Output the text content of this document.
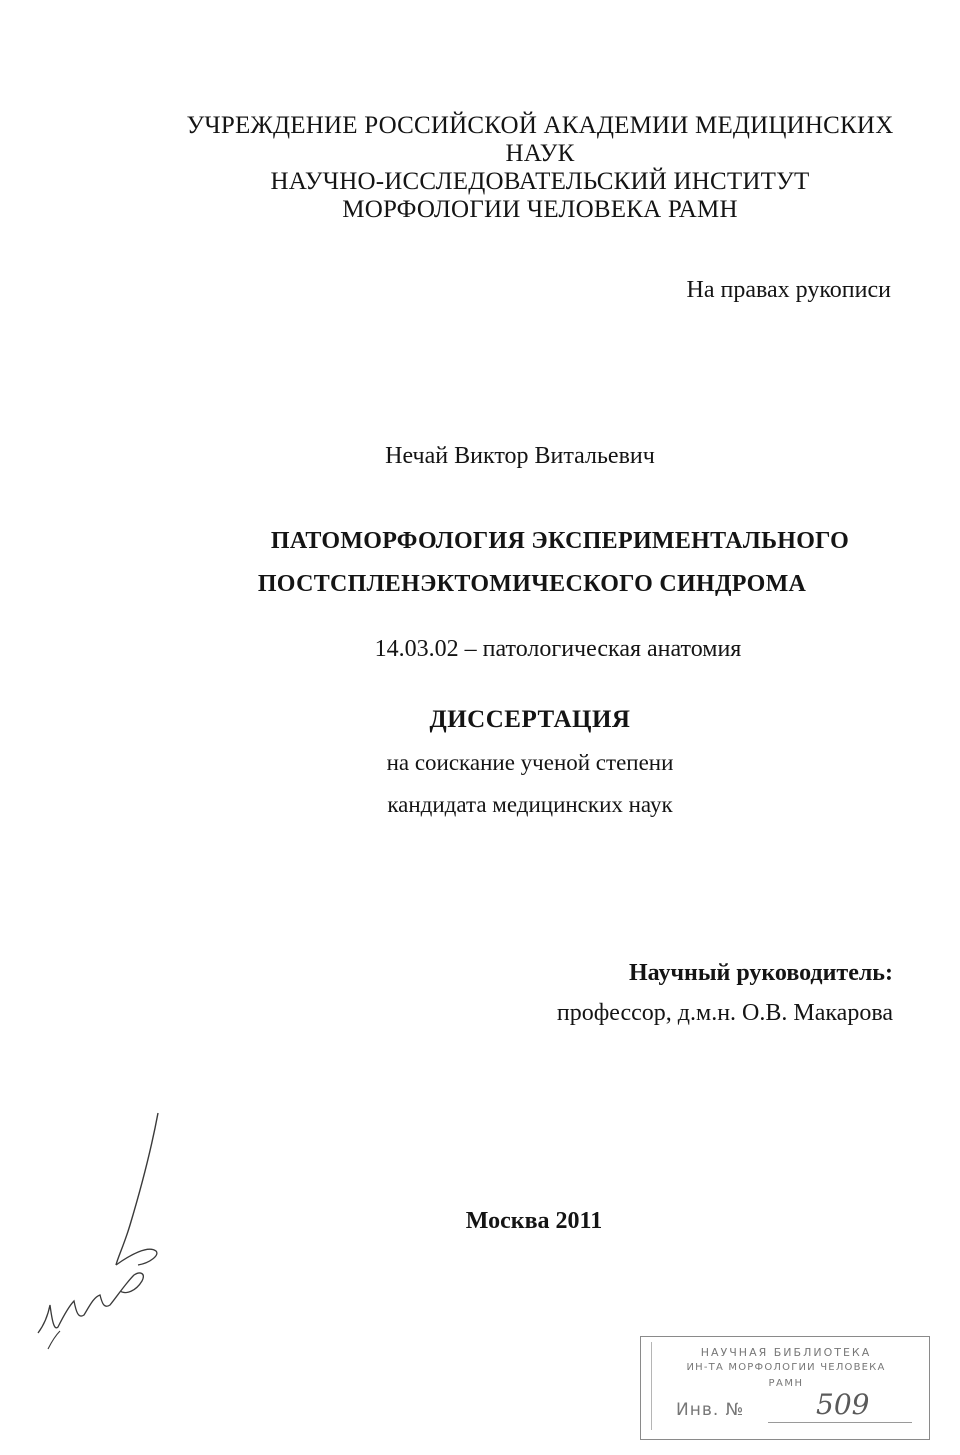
УЧРЕЖДЕНИЕ РОССИЙСКОЙ АКАДЕМИИ МЕДИЦИНСКИХ
НАУК
НАУЧНО-ИССЛЕДОВАТЕЛЬСКИЙ ИНСТИТУТ
МОРФОЛОГИИ ЧЕЛОВЕКА РАМН
На правах рукописи
Нечай Виктор Витальевич
ПАТОМОРФОЛОГИЯ ЭКСПЕРИМЕНТАЛЬНОГО
ПОСТСПЛЕНЭКТОМИЧЕСКОГО СИНДРОМА
14.03.02 – патологическая анатомия
ДИССЕРТАЦИЯ
на соискание ученой степени
кандидата медицинских наук
Научный руководитель:
профессор, д.м.н. О.В. Макарова
Москва 2011
НАУЧНАЯ БИБЛИОТЕКА
ИН-ТА МОРФОЛОГИИ ЧЕЛОВЕКА
РАМН
Инв. №	509
